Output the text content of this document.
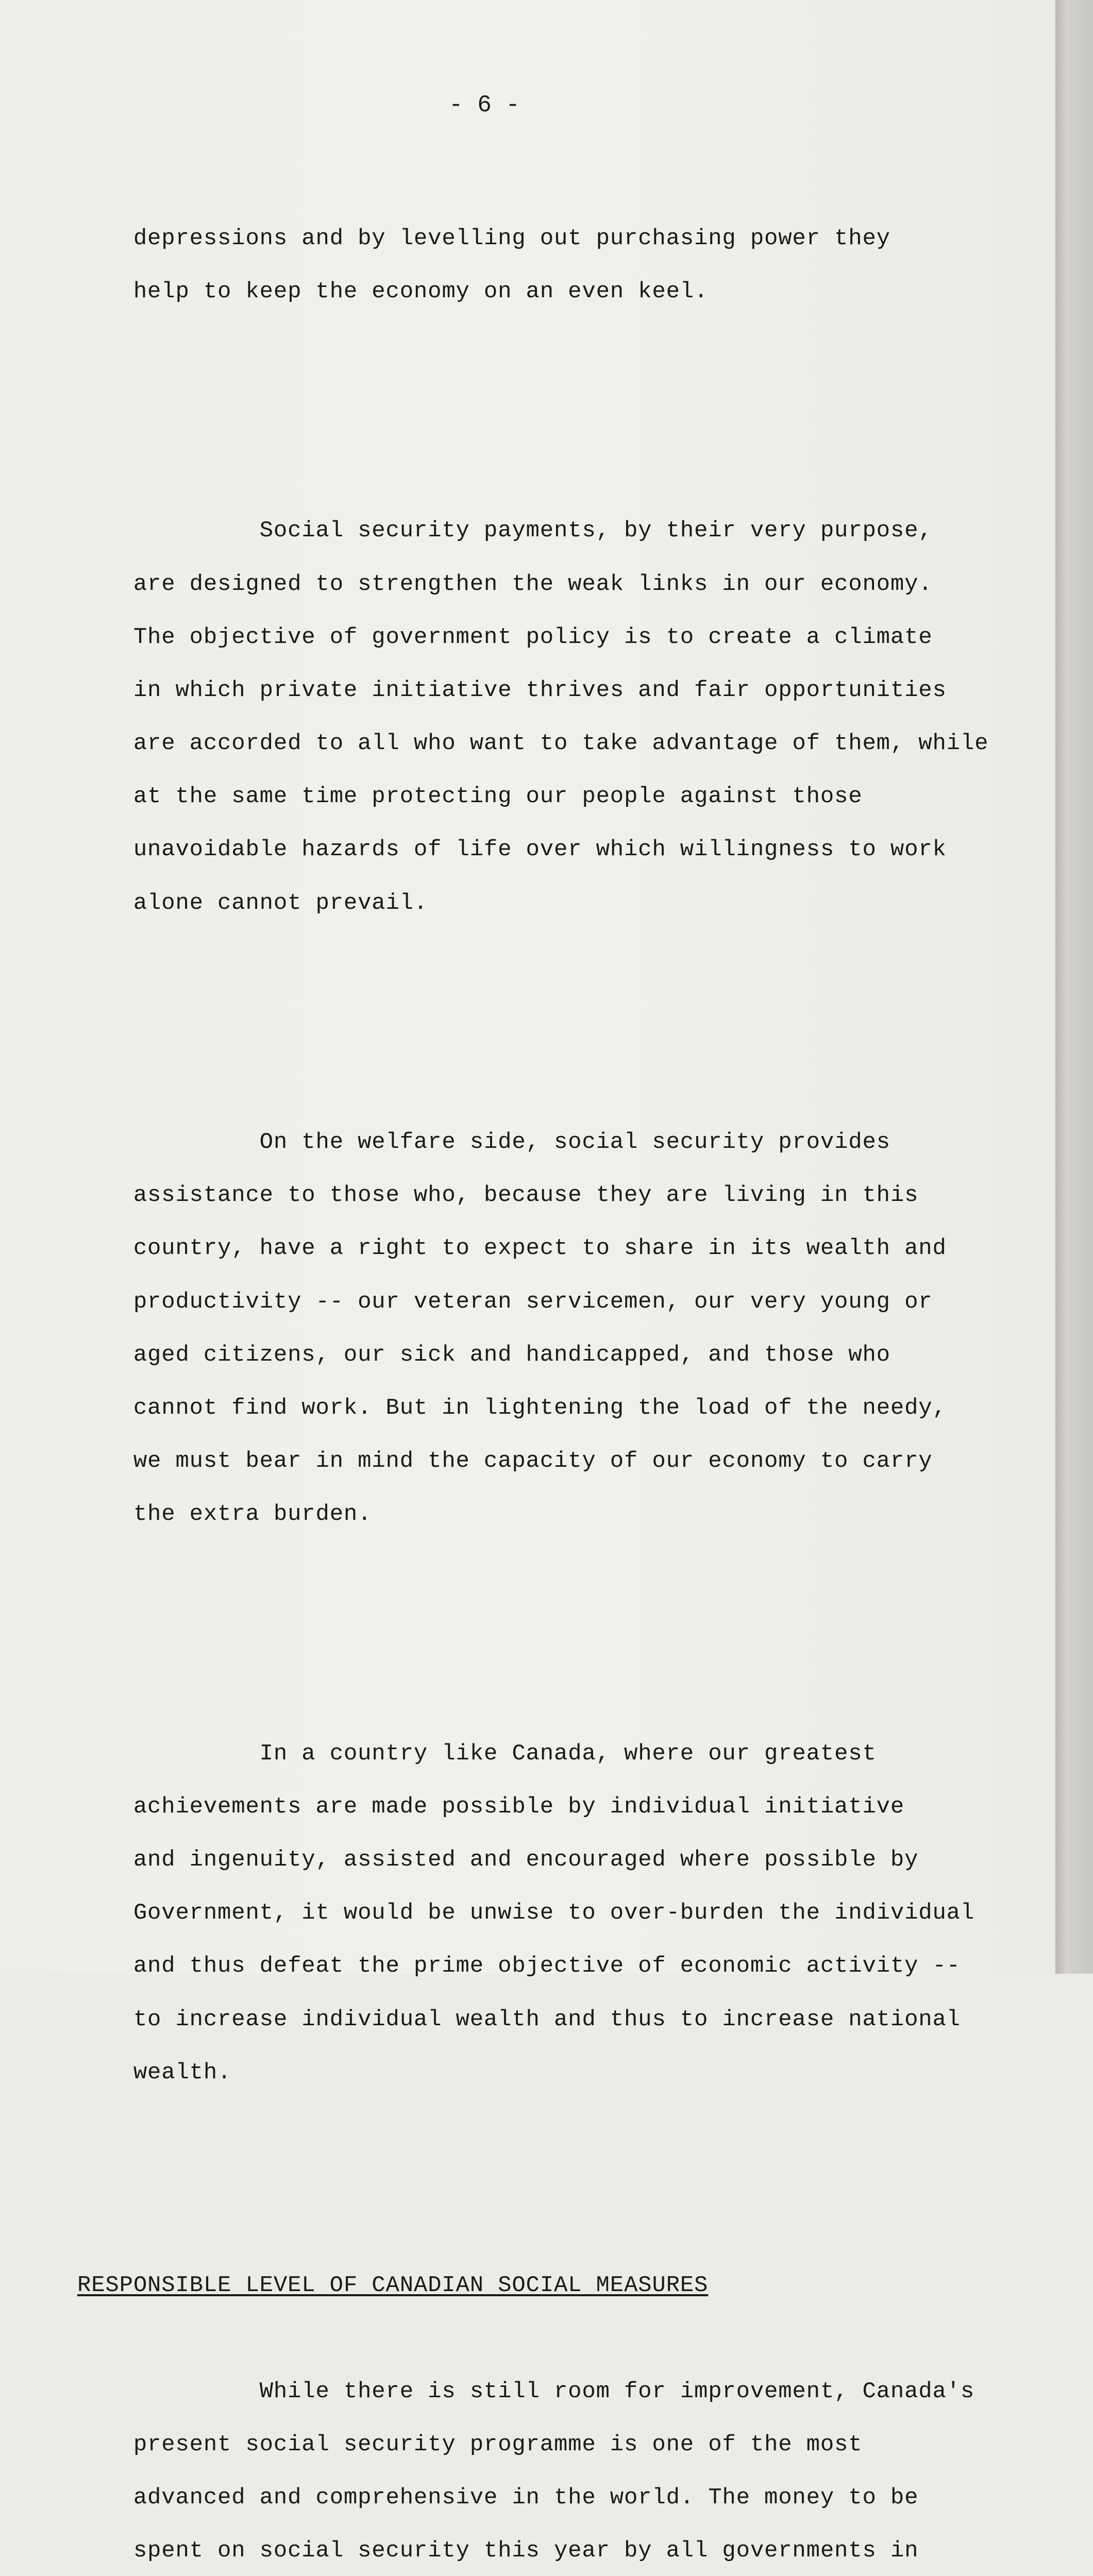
- 6 -

depressions and by levelling out purchasing power they

help to keep the economy on an even keel.

Social security payments, by their very purpose,

are designed to strengthen the weak links in our economy.

The objective of government policy is to create a climate

in which private initiative thrives and fair opportunities

are accorded to all who want to take advantage of them, while

at the same time protecting our people against those

unavoidable hazards of life over which willingness to work

alone cannot prevail.

On the welfare side, social security provides

assistance to those who, because they are living in this

country, have a right to expect to share in its wealth and

productivity -- our veteran servicemen, our very young or

aged citizens, our sick and handicapped, and those who

cannot find work. But in lightening the load of the needy,

we must bear in mind the capacity of our economy to carry

the extra burden.

In a country like Canada, where our greatest

achievements are made possible by individual initiative

and ingenuity, assisted and encouraged where possible by

Government, it would be unwise to over-burden the individual

and thus defeat the prime objective of economic activity --

to increase individual wealth and thus to increase national

wealth.

RESPONSIBLE LEVEL OF CANADIAN SOCIAL MEASURES

While there is still room for improvement, Canada's

present social security programme is one of the most

advanced and comprehensive in the world. The money to be

spent on social security this year by all governments in
